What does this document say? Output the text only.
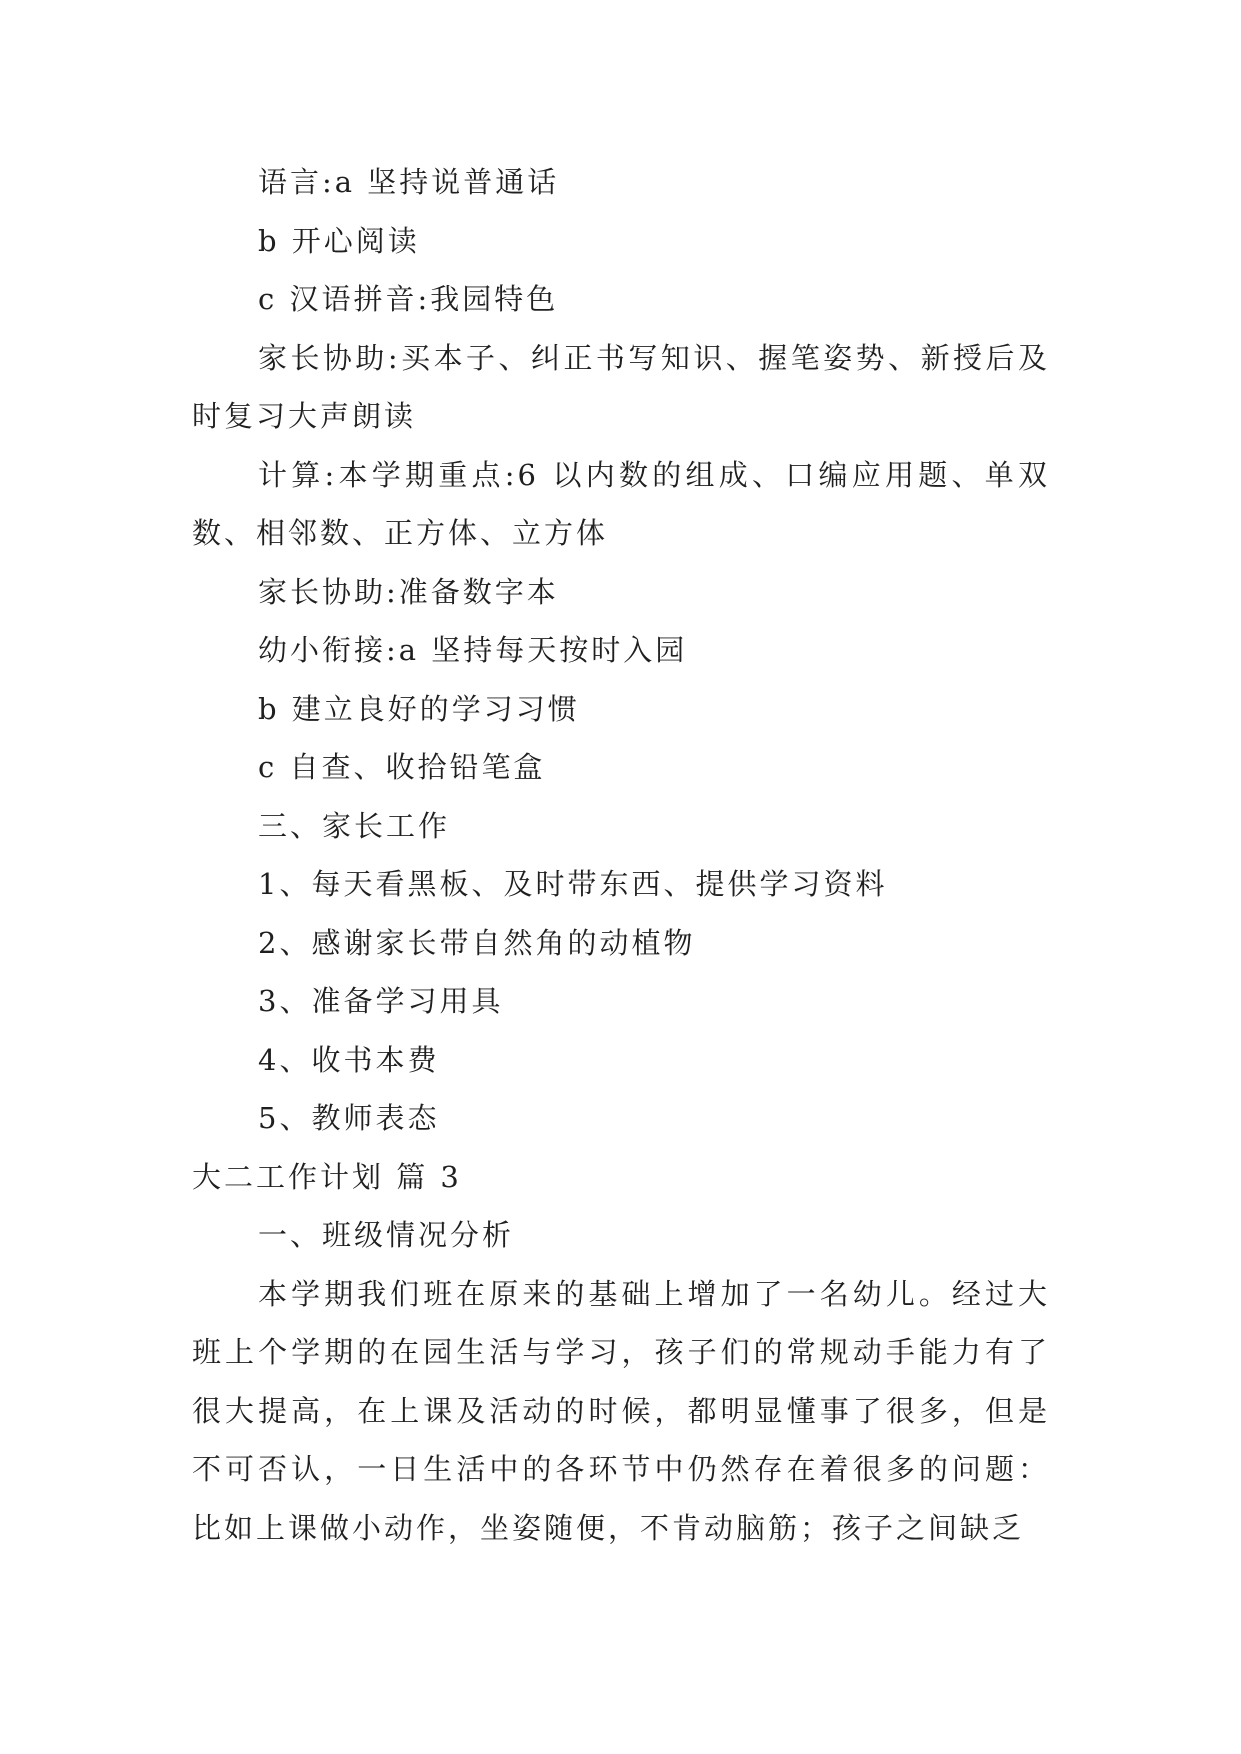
语言:a 坚持说普通话

b 开心阅读

c 汉语拼音:我园特色

家长协助:买本子、纠正书写知识、握笔姿势、新授后及时复习大声朗读

计算:本学期重点:6 以内数的组成、口编应用题、单双数、相邻数、正方体、立方体

家长协助:准备数字本

幼小衔接:a 坚持每天按时入园

b 建立良好的学习习惯

c 自查、收拾铅笔盒

三、家长工作

1、每天看黑板、及时带东西、提供学习资料

2、感谢家长带自然角的动植物

3、准备学习用具

4、收书本费

5、教师表态

大二工作计划 篇 3

一、班级情况分析

本学期我们班在原来的基础上增加了一名幼儿。经过大班上个学期的在园生活与学习，孩子们的常规动手能力有了很大提高，在上课及活动的时候，都明显懂事了很多，但是不可否认，一日生活中的各环节中仍然存在着很多的问题：比如上课做小动作，坐姿随便，不肯动脑筋；孩子之间缺乏
